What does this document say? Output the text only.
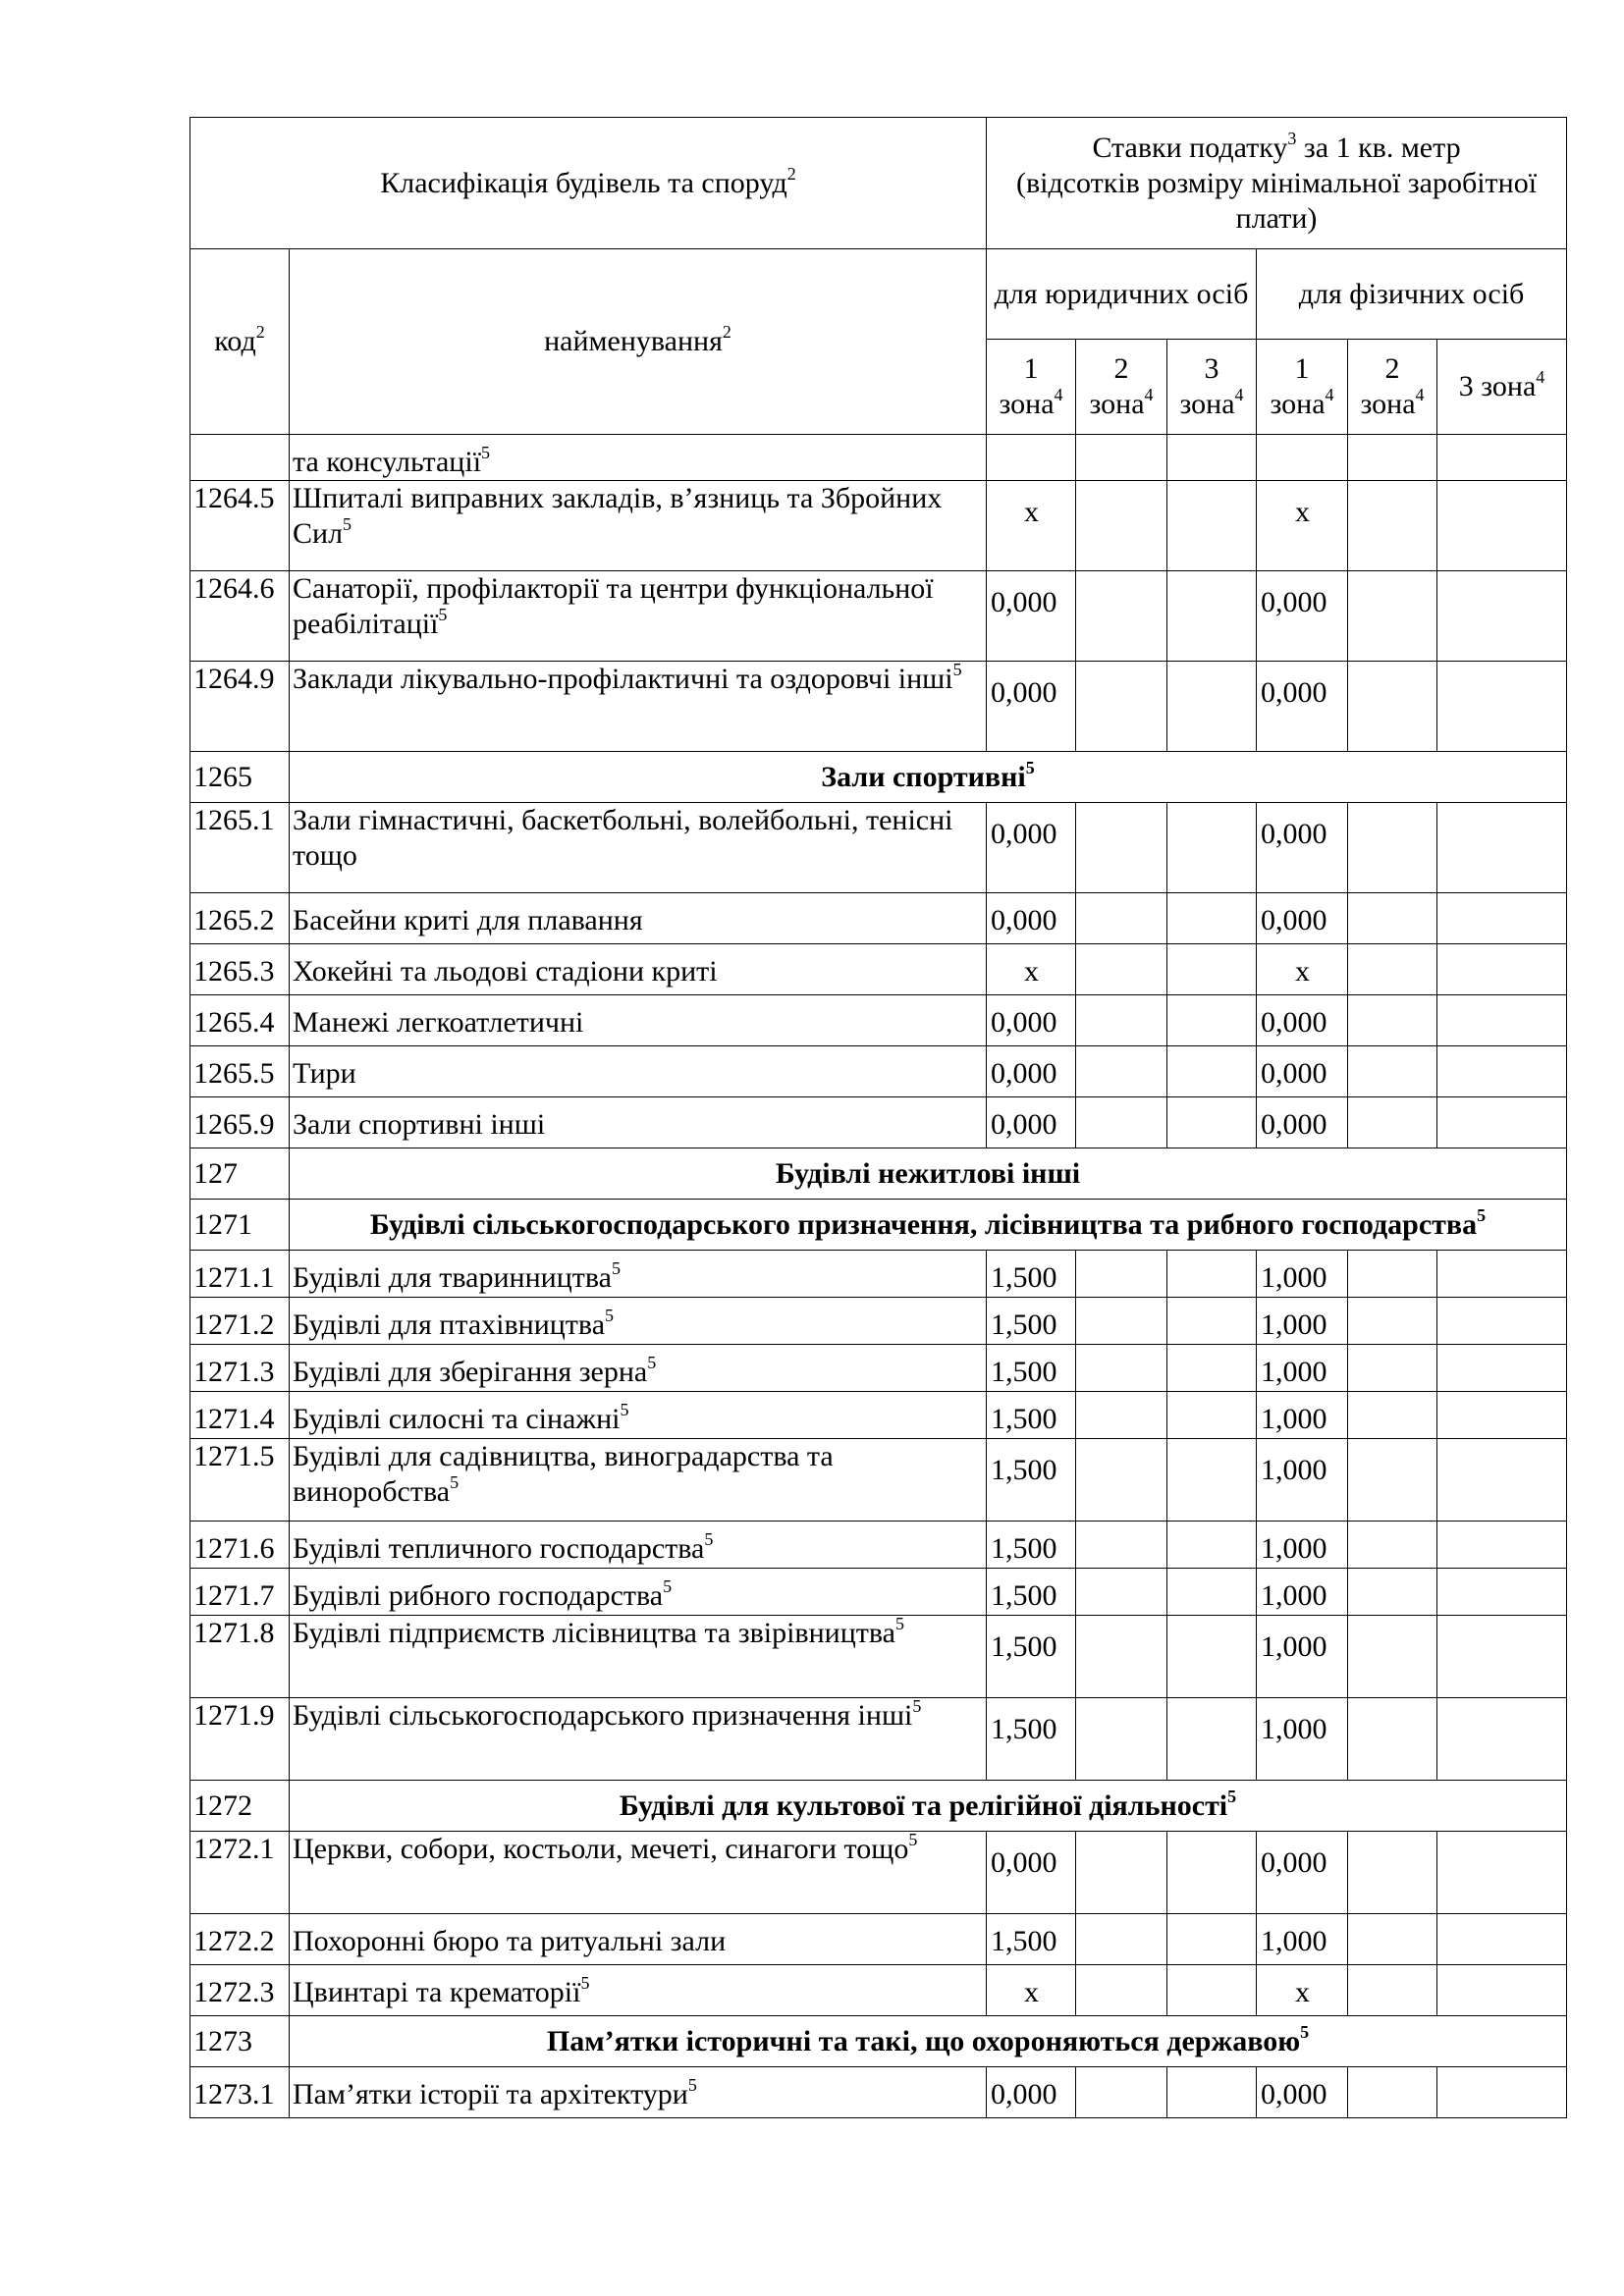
Класифікація будівель та споруд$^2$		Ставки податку$^3$ за 1 кв. метр
(відсотків розміру мінімальної заробітної плати)					
код$^2$	найменування$^2$	для юридичних осіб			для фізичних осіб		
		1 зона$^4$	2 зона$^4$	3 зона$^4$	1 зона$^4$	2 зона$^4$	3 зона$^4$
	та консультації$^5$						
1264.5	Шпиталі виправних закладів, в’язниць та Збройних Сил$^5$	x			x		
1264.6	Санаторії, профілакторії та центри функціональної реабілітації$^5$	0,000			0,000		
1264.9	Заклади лікувально-профілактичні та оздоровчі інші$^5$	0,000			0,000		
1265	Зали спортивні$^5$
1265.1	Зали гімнастичні, баскетбольні, волейбольні, тенісні тощо	0,000			0,000		
1265.2	Басейни криті для плавання	0,000			0,000		
1265.3	Хокейні та льодові стадіони криті	x			x		
1265.4	Манежі легкоатлетичні	0,000			0,000		
1265.5	Тири	0,000			0,000		
1265.9	Зали спортивні інші	0,000			0,000		
127	Будівлі нежитлові інші						
1271	Будівлі сільськогосподарського призначення, лісівництва та рибного господарства$^5$
1271.1	Будівлі для тваринництва$^5$	1,500			1,000		
1271.2	Будівлі для птахівництва$^5$	1,500			1,000		
1271.3	Будівлі для зберігання зерна$^5$	1,500			1,000		
1271.4	Будівлі силосні та сінажні$^5$	1,500			1,000		
1271.5	Будівлі для садівництва, виноградарства та виноробства$^5$	1,500			1,000		
1271.6	Будівлі тепличного господарства$^5$	1,500			1,000		
1271.7	Будівлі рибного господарства$^5$	1,500			1,000		
1271.8	Будівлі підприємств лісівництва та звірівництва$^5$	1,500			1,000		
1271.9	Будівлі сільськогосподарського призначення інші$^5$	1,500			1,000		
1272	Будівлі для культової та релігійної діяльності$^5$
1272.1	Церкви, собори, костьоли, мечеті, синагоги тощо$^5$	0,000			0,000		
1272.2	Похоронні бюро та ритуальні зали	1,500			1,000		
1272.3	Цвинтарі та крематорії$^5$	x			x		
1273	Пам’ятки історичні та такі, що охороняються державою$^5$
1273.1	Пам’ятки історії та архітектури$^5$	0,000			0,000		
